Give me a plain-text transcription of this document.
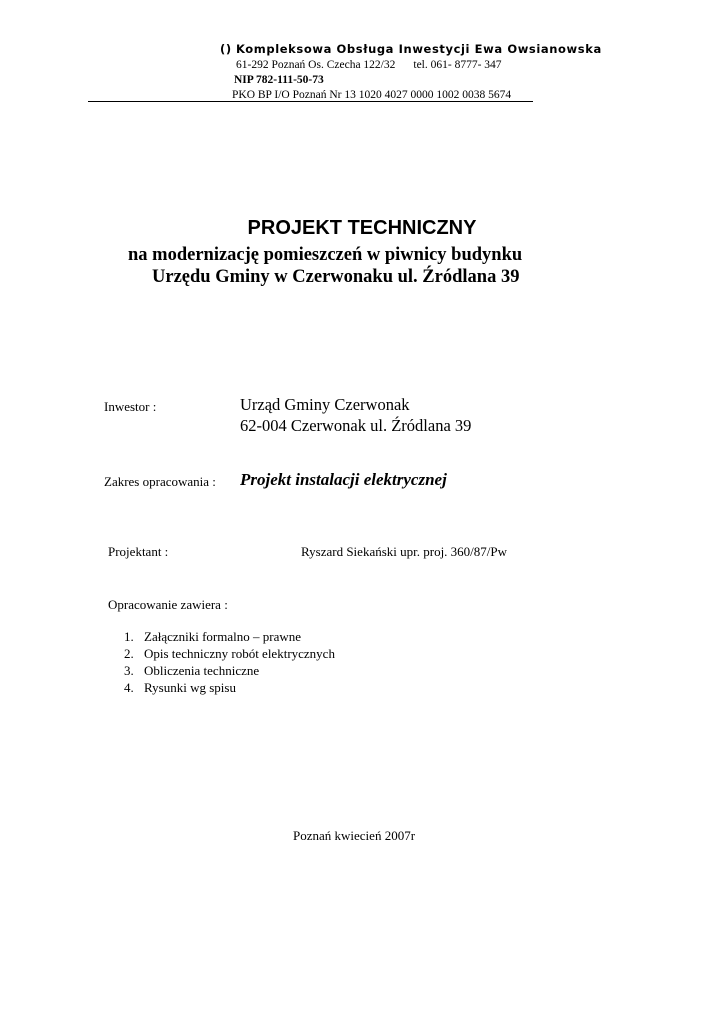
() Kompleksowa Obsługa Inwestycji Ewa Owsianowska
61-292 Poznań Os. Czecha 122/32 tel. 061- 8777- 347
NIP 782-111-50-73
PKO BP I/O Poznań Nr 13 1020 4027 0000 1002 0038 5674
PROJEKT TECHNICZNY
na modernizację pomieszczeń w piwnicy budynku
Urzędu Gminy w Czerwonaku ul. Źródlana 39
Inwestor :	Urząd Gminy Czerwonak
62-004 Czerwonak ul. Źródlana 39
Zakres opracowania : Projekt instalacji elektrycznej
Projektant :	Ryszard Siekański upr. proj. 360/87/Pw
Opracowanie zawiera :
1. Załączniki formalno – prawne
2. Opis techniczny robót elektrycznych
3. Obliczenia techniczne
4. Rysunki wg spisu
Poznań kwiecień 2007r
